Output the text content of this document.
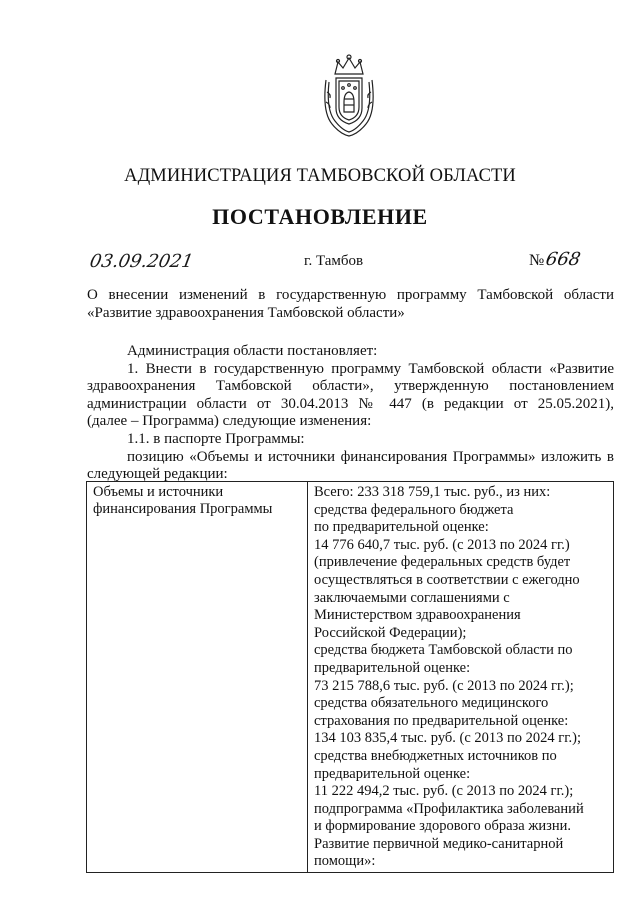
АДМИНИСТРАЦИЯ ТАМБОВСКОЙ ОБЛАСТИ
ПОСТАНОВЛЕНИЕ
03.09.2021	г. Тамбов	№668
О внесении изменений в государственную программу Тамбовской области
«Развитие здравоохранения Тамбовской области»

Администрация области постановляет:

1. Внести в государственную программу Тамбовской области «Развитие

здравоохранения Тамбовской области», утвержденную постановлением

администрации области от 30.04.2013 № 447 (в редакции от 25.05.2021),

(далее – Программа) следующие изменения:

1.1. в паспорте Программы:

позицию «Объемы и источники финансирования Программы» изложить в

следующей редакции:

Объемы и источники
финансирования Программы
Всего: 233 318 759,1 тыс. руб., из них:
средства федерального бюджета
по предварительной оценке:
14 776 640,7 тыс. руб. (с 2013 по 2024 гг.)
(привлечение федеральных средств будет
осуществляться в соответствии с ежегодно
заключаемыми соглашениями с
Министерством здравоохранения
Российской Федерации);
средства бюджета Тамбовской области по
предварительной оценке:
73 215 788,6 тыс. руб. (с 2013 по 2024 гг.);
средства обязательного медицинского
страхования по предварительной оценке:
134 103 835,4 тыс. руб. (с 2013 по 2024 гг.);
средства внебюджетных источников по
предварительной оценке:
11 222 494,2 тыс. руб. (с 2013 по 2024 гг.);
подпрограмма «Профилактика заболеваний
и формирование здорового образа жизни.
Развитие первичной медико-санитарной
помощи»:
